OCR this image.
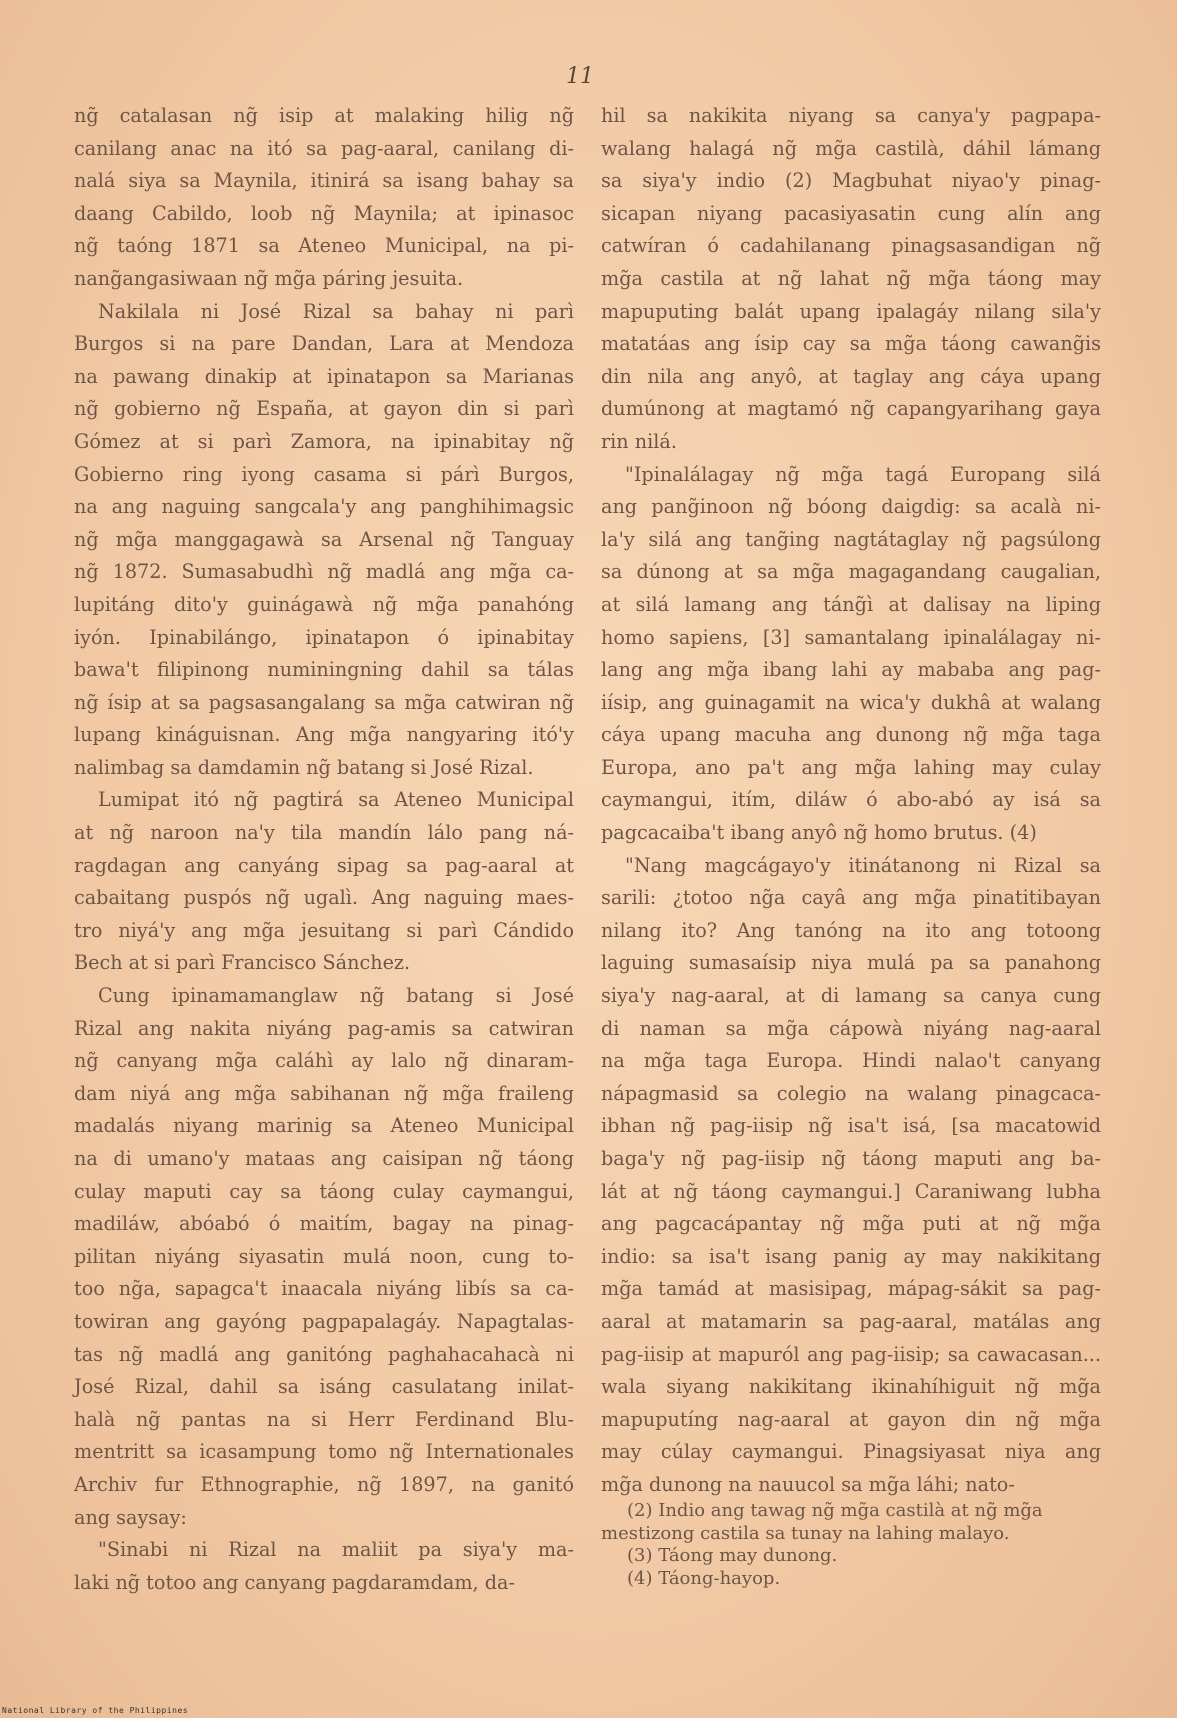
11
ng̃ catalasan ng̃ isip at malaking hilig ng̃
canilang anac na itó sa pag-aaral, canilang di-
nalá siya sa Maynila, itinirá sa isang bahay sa
daang Cabildo, loob ng̃ Maynila; at ipinasoc
ng̃ taóng 1871 sa Ateneo Municipal, na pi-
nang̃angasiwaan ng̃ mg̃a páring jesuita.
Nakilala ni José Rizal sa bahay ni parì
Burgos si na pare Dandan, Lara at Mendoza
na pawang dinakip at ipinatapon sa Marianas
ng̃ gobierno ng̃ España, at gayon din si parì
Gómez at si parì Zamora, na ipinabitay ng̃
Gobierno ring iyong casama si párì Burgos,
na ang naguing sangcala'y ang panghihimagsic
ng̃ mg̃a manggagawà sa Arsenal ng̃ Tanguay
ng̃ 1872. Sumasabudhì ng̃ madlá ang mg̃a ca-
lupitáng dito'y guinágawà ng̃ mg̃a panahóng
iyón. Ipinabilángo, ipinatapon ó ipinabitay
bawa't filipinong numiningning dahil sa tálas
ng̃ ísip at sa pagsasangalang sa mg̃a catwiran ng̃
lupang kináguisnan. Ang mg̃a nangyaring itó'y
nalimbag sa damdamin ng̃ batang si José Rizal.
Lumipat itó ng̃ pagtirá sa Ateneo Municipal
at ng̃ naroon na'y tila mandín lálo pang ná-
ragdagan ang canyáng sipag sa pag-aaral at
cabaitang puspós ng̃ ugalì. Ang naguing maes-
tro niyá'y ang mg̃a jesuitang si parì Cándido
Bech at si parì Francisco Sánchez.
Cung ipinamamanglaw ng̃ batang si José
Rizal ang nakita niyáng pag-amis sa catwiran
ng̃ canyang mg̃a caláhì ay lalo ng̃ dinaram-
dam niyá ang mg̃a sabihanan ng̃ mg̃a fraileng
madalás niyang marinig sa Ateneo Municipal
na di umano'y mataas ang caisipan ng̃ táong
culay maputi cay sa táong culay caymangui,
madiláw, abóabó ó maitím, bagay na pinag-
pilitan niyáng siyasatin mulá noon, cung to-
too ng̃a, sapagca't inaacala niyáng libís sa ca-
towiran ang gayóng pagpapalagáy. Napagtalas-
tas ng̃ madlá ang ganitóng paghahacahacà ni
José Rizal, dahil sa isáng casulatang inilat-
halà ng̃ pantas na si Herr Ferdinand Blu-
mentritt sa icasampung tomo ng̃ Internationales
Archiv fur Ethnographie, ng̃ 1897, na ganitó
ang saysay:
"Sinabi ni Rizal na maliit pa siya'y ma-
laki ng̃ totoo ang canyang pagdaramdam, da-
hil sa nakikita niyang sa canya'y pagpapa-
walang halagá ng̃ mg̃a castilà, dáhil lámang
sa siya'y indio (2) Magbuhat niyao'y pinag-
sicapan niyang pacasiyasatin cung alín ang
catwíran ó cadahilanang pinagsasandigan ng̃
mg̃a castila at ng̃ lahat ng̃ mg̃a táong may
mapuputing balát upang ipalagáy nilang sila'y
matatáas ang ísip cay sa mg̃a táong cawang̃is
din nila ang anyô, at taglay ang cáya upang
dumúnong at magtamó ng̃ capangyarihang gaya
rin nilá.
"Ipinalálagay ng̃ mg̃a tagá Europang silá
ang pang̃inoon ng̃ bóong daigdig: sa acalà ni-
la'y silá ang tang̃ing nagtátaglay ng̃ pagsúlong
sa dúnong at sa mg̃a magagandang caugalian,
at silá lamang ang táng̃ì at dalisay na liping
homo sapiens, [3] samantalang ipinalálagay ni-
lang ang mg̃a ibang lahi ay mababa ang pag-
iísip, ang guinagamit na wica'y dukhâ at walang
cáya upang macuha ang dunong ng̃ mg̃a taga
Europa, ano pa't ang mg̃a lahing may culay
caymangui, itím, diláw ó abo-abó ay isá sa
pagcacaiba't ibang anyô ng̃ homo brutus. (4)
"Nang magcágayo'y itinátanong ni Rizal sa
sarili: ¿totoo ng̃a cayâ ang mg̃a pinatitibayan
nilang ito? Ang tanóng na ito ang totoong
laguing sumasaísip niya mulá pa sa panahong
siya'y nag-aaral, at di lamang sa canya cung
di naman sa mg̃a cápowà niyáng nag-aaral
na mg̃a taga Europa. Hindi nalao't canyang
nápagmasid sa colegio na walang pinagcaca-
ibhan ng̃ pag-iisip ng̃ isa't isá, [sa macatowid
baga'y ng̃ pag-iisip ng̃ táong maputi ang ba-
lát at ng̃ táong caymangui.] Caraniwang lubha
ang pagcacápantay ng̃ mg̃a puti at ng̃ mg̃a
indio: sa isa't isang panig ay may nakikitang
mg̃a tamád at masisipag, mápag-sákit sa pag-
aaral at matamarin sa pag-aaral, matálas ang
pag-iisip at mapuról ang pag-iisip; sa cawacasan...
wala siyang nakikitang ikinahíhiguit ng̃ mg̃a
mapuputíng nag-aaral at gayon din ng̃ mg̃a
may cúlay caymangui. Pinagsiyasat niya ang
mg̃a dunong na nauucol sa mg̃a láhi; nato-
(2) Indio ang tawag ng̃ mg̃a castilà at ng̃ mg̃a
mestizong castila sa tunay na lahing malayo.
(3) Táong may dunong.
(4) Táong-hayop.
National Library of the Philippines
